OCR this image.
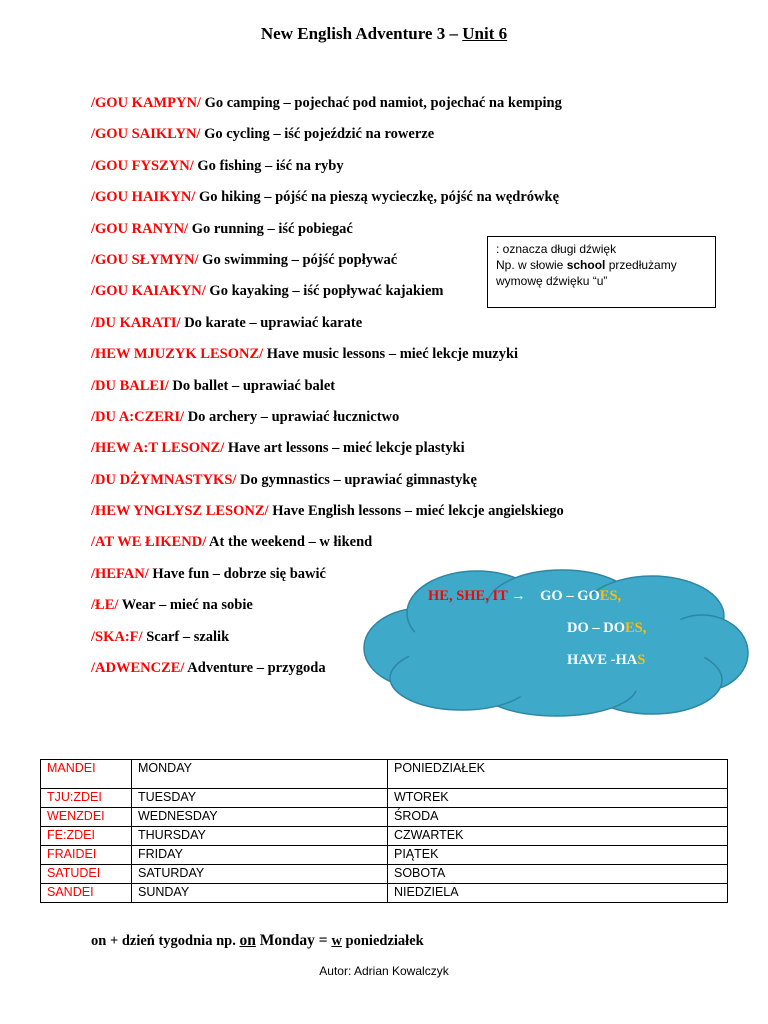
New English Adventure 3 – Unit 6
/GOU KAMPYN/ Go camping – pojechać pod namiot, pojechać na kemping
/GOU SAIKLYN/ Go cycling – iść pojeździć na rowerze
/GOU FYSZYN/ Go fishing – iść na ryby
/GOU HAIKYN/ Go hiking – pójść na pieszą wycieczkę, pójść na wędrówkę
/GOU RANYN/ Go running – iść pobiegać
/GOU SŁYMYN/ Go swimming – pójść popływać
/GOU KAIAKYN/ Go kayaking – iść popływać kajakiem
/DU KARATI/ Do karate – uprawiać karate
/HEW MJUZYK LESONZ/ Have music lessons – mieć lekcje muzyki
/DU BALEI/ Do ballet – uprawiać balet
/DU A:CZERI/ Do archery – uprawiać łucznictwo
/HEW A:T LESONZ/ Have art lessons – mieć lekcje plastyki
/DU DŻYMNASTYKS/ Do gymnastics – uprawiać gimnastykę
/HEW YNGLYSZ LESONZ/ Have English lessons – mieć lekcje angielskiego
/AT WE ŁIKEND/ At the weekend – w łikend
/HEFAN/ Have fun – dobrze się bawić
/ŁE/ Wear – mieć na sobie
/SKA:F/ Scarf – szalik
/ADWENCZE/ Adventure – przygoda
: oznacza długi dźwięk
Np. w słowie school przedłużamy
wymowę dźwięku “u”
HE, SHE, IT → GO – GOES,
DO – DOES,
HAVE -HAS
MANDEI	MONDAY	PONIEDZIAŁEK
TJU:ZDEI	TUESDAY	WTOREK
WENZDEI	WEDNESDAY	ŚRODA
FE:ZDEI	THURSDAY	CZWARTEK
FRAIDEI	FRIDAY	PIĄTEK
SATUDEI	SATURDAY	SOBOTA
SANDEI	SUNDAY	NIEDZIELA
on + dzień tygodnia np. on Monday = w poniedziałek
Autor: Adrian Kowalczyk
